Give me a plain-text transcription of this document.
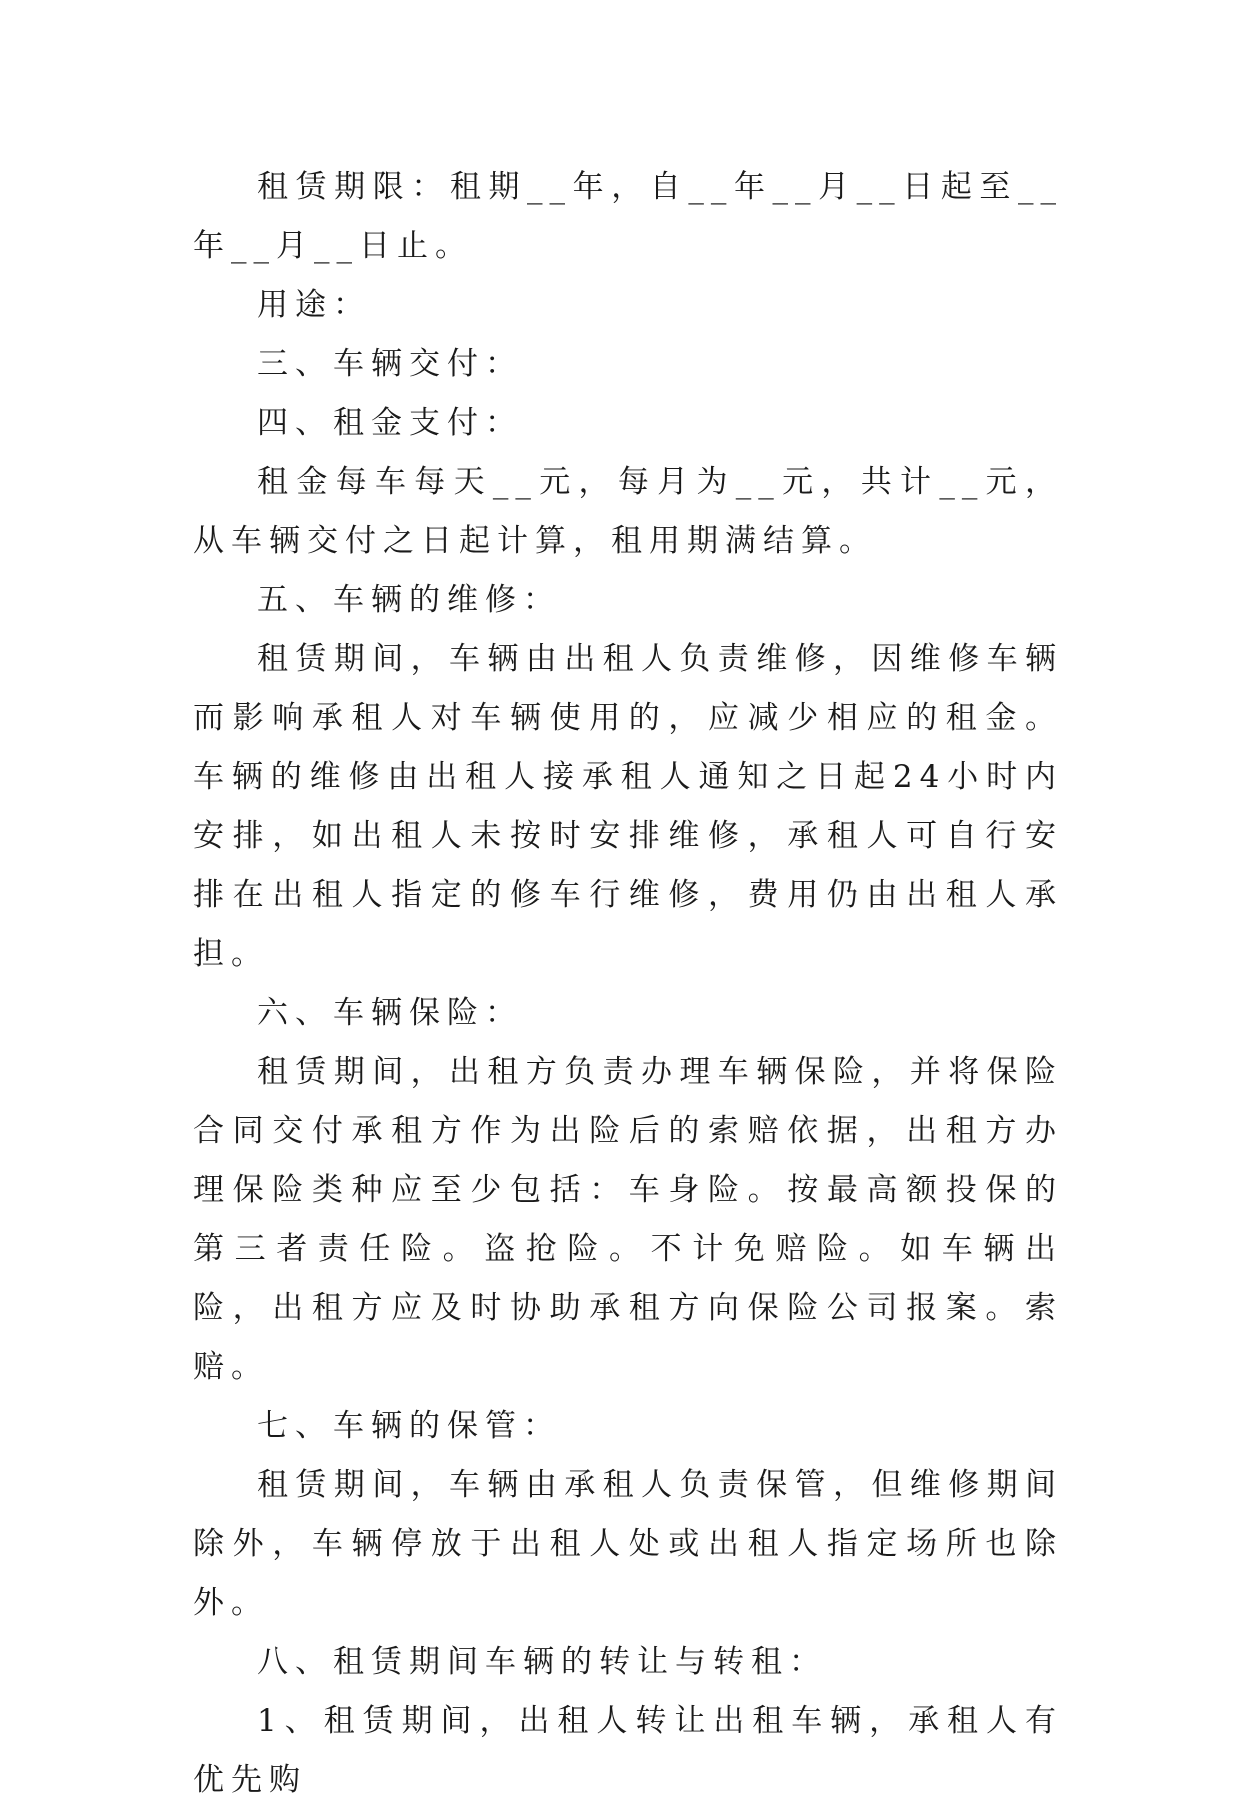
租赁期限：租期__年，自__年__月__日起至__年__月__日止。

用途：

三、车辆交付：

四、租金支付：

租金每车每天__元，每月为__元，共计__元，从车辆交付之日起计算，租用期满结算。

五、车辆的维修：

租赁期间，车辆由出租人负责维修，因维修车辆而影响承租人对车辆使用的，应减少相应的租金。车辆的维修由出租人接承租人通知之日起24小时内安排，如出租人未按时安排维修，承租人可自行安排在出租人指定的修车行维修，费用仍由出租人承担。

六、车辆保险：

租赁期间，出租方负责办理车辆保险，并将保险合同交付承租方作为出险后的索赔依据，出租方办理保险类种应至少包括：车身险。按最高额投保的第三者责任险。盗抢险。不计免赔险。如车辆出险，出租方应及时协助承租方向保险公司报案。索赔。

七、车辆的保管：

租赁期间，车辆由承租人负责保管，但维修期间除外，车辆停放于出租人处或出租人指定场所也除外。

八、租赁期间车辆的转让与转租：

1、租赁期间，出租人转让出租车辆，承租人有优先购
